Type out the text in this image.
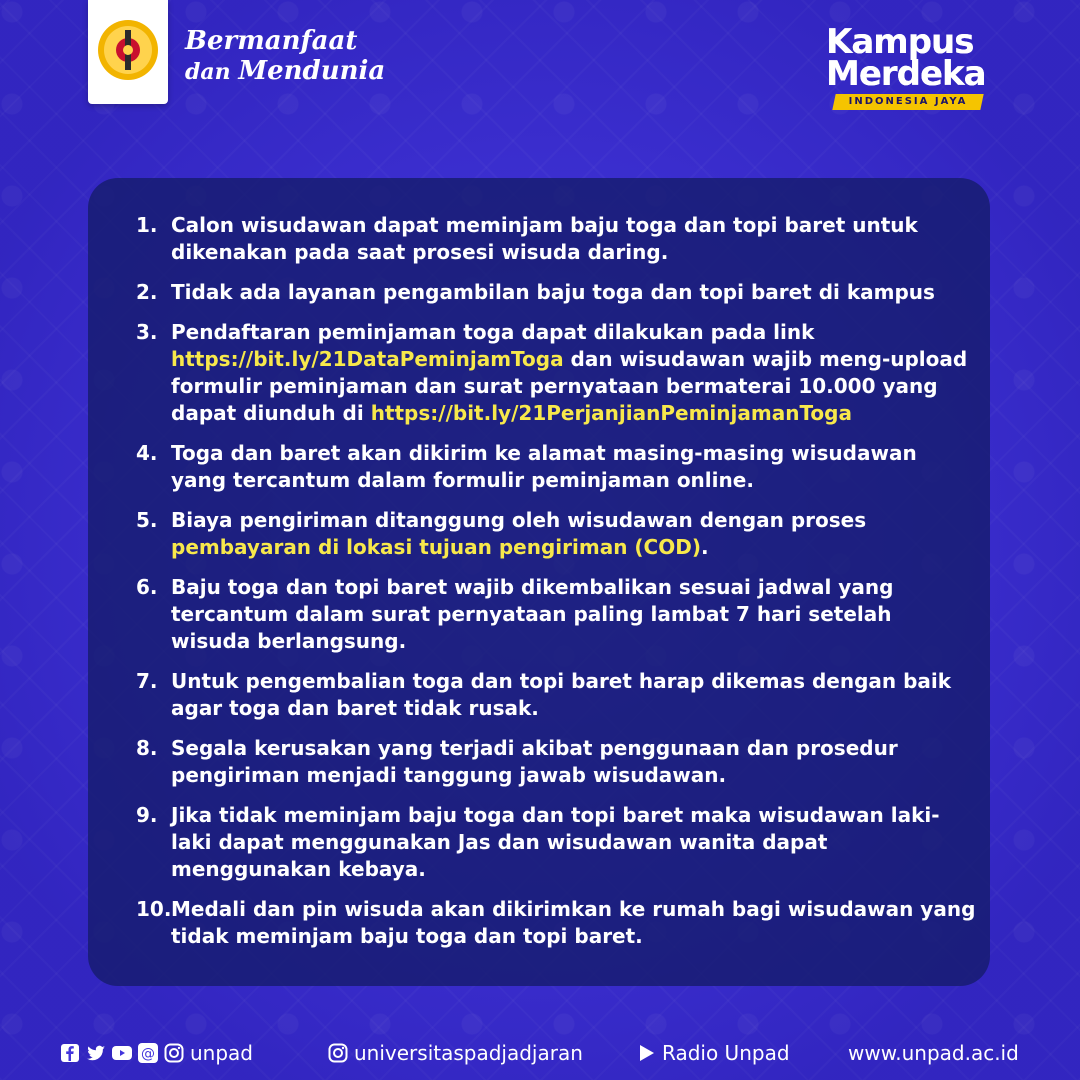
Bermanfaat
dan Mendunia
Kampus
Merdeka
INDONESIA JAYA
1. Calon wisudawan dapat meminjam baju toga dan topi baret untuk dikenakan pada saat prosesi wisuda daring.
2. Tidak ada layanan pengambilan baju toga dan topi baret di kampus
3. Pendaftaran peminjaman toga dapat dilakukan pada link https://bit.ly/21DataPeminjamToga dan wisudawan wajib meng-upload formulir peminjaman dan surat pernyataan bermaterai 10.000 yang dapat diunduh di https://bit.ly/21PerjanjianPeminjamanToga
4. Toga dan baret akan dikirim ke alamat masing-masing wisudawan yang tercantum dalam formulir peminjaman online.
5. Biaya pengiriman ditanggung oleh wisudawan dengan proses pembayaran di lokasi tujuan pengiriman (COD).
6. Baju toga dan topi baret wajib dikembalikan sesuai jadwal yang tercantum dalam surat pernyataan paling lambat 7 hari setelah wisuda berlangsung.
7. Untuk pengembalian toga dan topi baret harap dikemas dengan baik agar toga dan baret tidak rusak.
8. Segala kerusakan yang terjadi akibat penggunaan dan prosedur pengiriman menjadi tanggung jawab wisudawan.
9. Jika tidak meminjam baju toga dan topi baret maka wisudawan laki-laki dapat menggunakan Jas dan wisudawan wanita dapat menggunakan kebaya.
10. Medali dan pin wisuda akan dikirimkan ke rumah bagi wisudawan yang tidak meminjam baju toga dan topi baret.
@ unpad	universitaspadjadjaran	Radio Unpad	www.unpad.ac.id
